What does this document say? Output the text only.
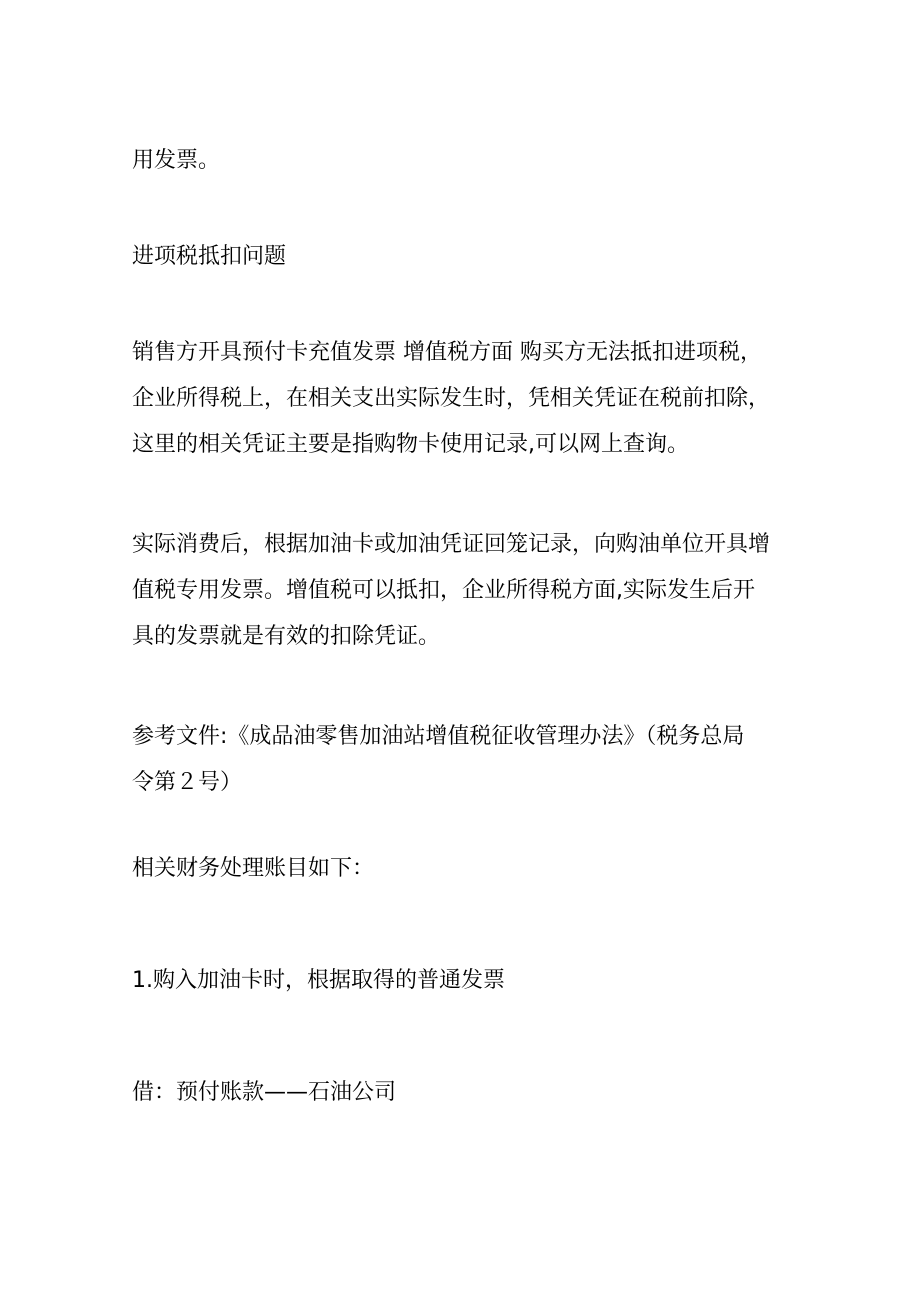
用发票。

进项税抵扣问题

销售方开具预付卡充值发票 增值税方面 购买方无法抵扣进项税，
企业所得税上，在相关支出实际发生时，凭相关凭证在税前扣除，
这里的相关凭证主要是指购物卡使用记录,可以网上查询。

实际消费后，根据加油卡或加油凭证回笼记录，向购油单位开具增
值税专用发票。增值税可以抵扣，企业所得税方面,实际发生后开
具的发票就是有效的扣除凭证。

参考文件:《成品油零售加油站增值税征收管理办法》（税务总局
令第２号）

相关财务处理账目如下：

1.购入加油卡时，根据取得的普通发票

借：预付账款——石油公司
